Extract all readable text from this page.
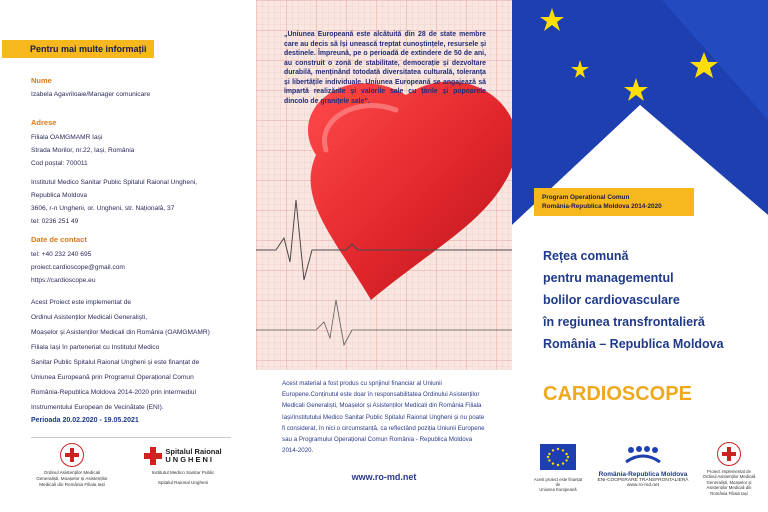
Pentru mai multe informații
Nume
Izabela Agavriloaie/Manager comunicare
Adrese
Filiala OAMGMAMR Iași
Strada Morilor, nr.22, Iași, România
Cod poștal: 700011
Institutul Medico Sanitar Public Spitalul Raional Ungheni,
Republica Moldova
3606, r-n Ungheni, or. Ungheni, str. Națională, 37
tel: 0236 251 49
Date de contact
tel: +40 232 240 695
proiect.cardioscope@gmail.com
https://cardioscope.eu
Acest Proiect este implementat de
Ordinul Asistenților Medicali Generaliști,
Moașelor și Asistenților Medicali din România (OAMGMAMR)
Filiala Iași în parteneriat cu Institutul Medico
Sanitar Public Spitalul Raional Ungheni și este finanțat de
Uniunea Europeană prin Programul Operațional Comun
România-Republica Moldova 2014-2020 prin intermediul
Instrumentului European de Vecinătate (ENI).
Perioada 20.02.2020 - 19.05.2021
Ordinul Asistenților Medicali
Generaliști, Moașelor și Asistenților
Medicali din România Filiala Iași
Spitalul Raional
UNGHENI
Institutul Medico Sanitar Public
Spitalul Raional Ungheni
„Uniunea Europeană este alcătuită din 28 de state membre care au decis să își unească treptat cunoștințele, resursele și destinele. Împreună, pe o perioadă de extindere de 50 de ani, au construit o zonă de stabilitate, democrație și dezvoltare durabilă, menținând totodată diversitatea culturală, toleranța și libertățile individuale. Uniunea Europeană se angajează să împartă realizările și valorile sale cu țările și popoarele dincolo de granițele sale”.
Acest material a fost produs cu sprijinul financiar al Uniunii Europene.Conținutul este doar în responsabilitatea Ordinului Asistenților Medicali Generaliști, Moașelor și Asistenților Medicali din România Filiala Iași/Institutului Medico Sanitar Public Spitalul Raional Ungheni și nu poate fi considerat, în nici o circumstanță, ca reflectând poziția Uniunii Europene sau a Programului Operațional Comun România - Republica Moldova 2014-2020.
www.ro-md.net
Program Operațional Comun
România-Republica Moldova 2014-2020
Rețea comună
pentru managementul
bolilor cardiovasculare
în regiunea transfrontalieră
România – Republica Moldova
CARDIOSCOPE
Acest proiect este finanțat de
Uniunea Europeană
România-Republica Moldova
ENI-COOPERARE TRANSFRONTALIERĂ
www.ro-md.net
Proiect implementat de
Ordinul Asistenților Medicali
Generaliști, Moașelor și
Asistenților Medicali din
România Filiala Iași
